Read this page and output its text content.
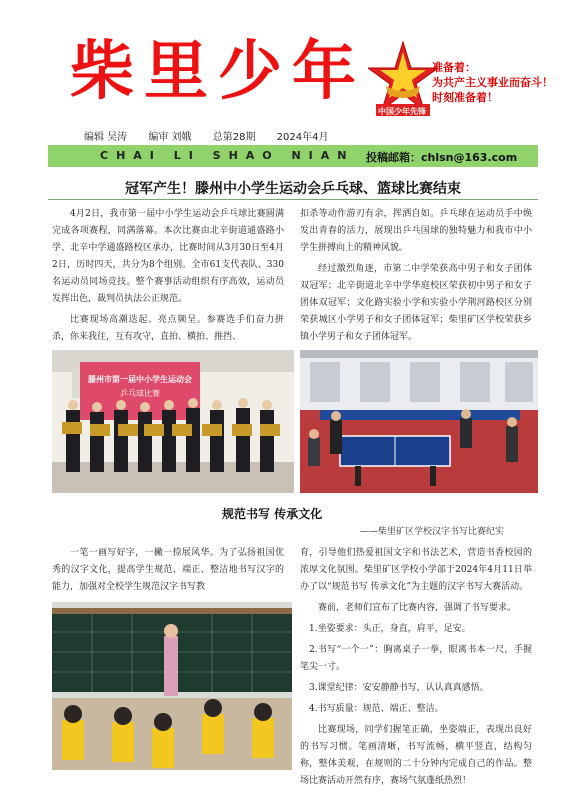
柴里少年
中国少年先锋
准备着：
为共产主义事业而奋斗！
时刻准备着！
编辑 吴涛 编审 刘娥 总第28期 2024年4月
CHAI LI SHAO NIAN 投稿邮箱：chlsn@163.com
冠军产生！滕州中小学生运动会乒乓球、篮球比赛结束

4月2日，我市第一届中小学生运动会乒乓球比赛圆满完成各项赛程，同满落幕。本次比赛由北辛街道通盛路小学、北辛中学通盛路校区承办，比赛时间从3月30日至4月2日，历时四天，共分为8个组别。全市61支代表队、330名运动员同场竞技。整个赛事活动组织有序高效，运动员发挥出色，裁判员执法公正规范。

比赛现场高潮迭起、亮点频呈。参赛选手们奋力拼杀，你来我往，互有攻守，直拍、横拍、推挡、

扣杀等动作游刃有余，挥洒自如。乒乓球在运动员手中焕发出青春的活力，展现出乒乓国球的独特魅力和我市中小学生拼搏向上的精神风貌。

经过激烈角逐，市第二中学荣获高中男子和女子团体双冠军；北辛街道北辛中学华庭校区荣获初中男子和女子团体双冠军；文化路实验小学和实验小学荆河路校区分别荣获城区小学男子和女子团体冠军；柴里矿区学校荣获乡镇小学男子和女子团体冠军。

滕州市第一届中小学生运动会
乒乓球比赛
规范书写 传承文化
——柴里矿区学校汉字书写比赛纪实

一笔一画写好字，一撇一捺展风华。为了弘扬祖国优秀的汉字文化，提高学生规范、端正、整洁地书写汉字的能力，加强对全校学生规范汉字书写教

育，引导他们热爱祖国文字和书法艺术，营造书香校园的浓厚文化氛围。柴里矿区学校小学部于2024年4月11日举办了以“规范书写 传承文化”为主题的汉字书写大赛活动。

赛前，老师们宣布了比赛内容，强调了书写要求。

1.坐姿要求：头正，身直，肩平，足安。

2.书写“一个一”：胸离桌子一拳，眼离书本一尺，手握笔尖一寸。

3.课堂纪律：安安静静书写，认认真真感悟。

4.书写质量：规范、端正、整洁。

比赛现场，同学们握笔正确，坐姿端正，表现出良好的书写习惯。笔画清晰，书写流畅，横平竖直，结构匀称，整体美观，在规则的二十分钟内完成自己的作品。整场比赛活动开然有序，赛场气氛蓬纸热烈！
